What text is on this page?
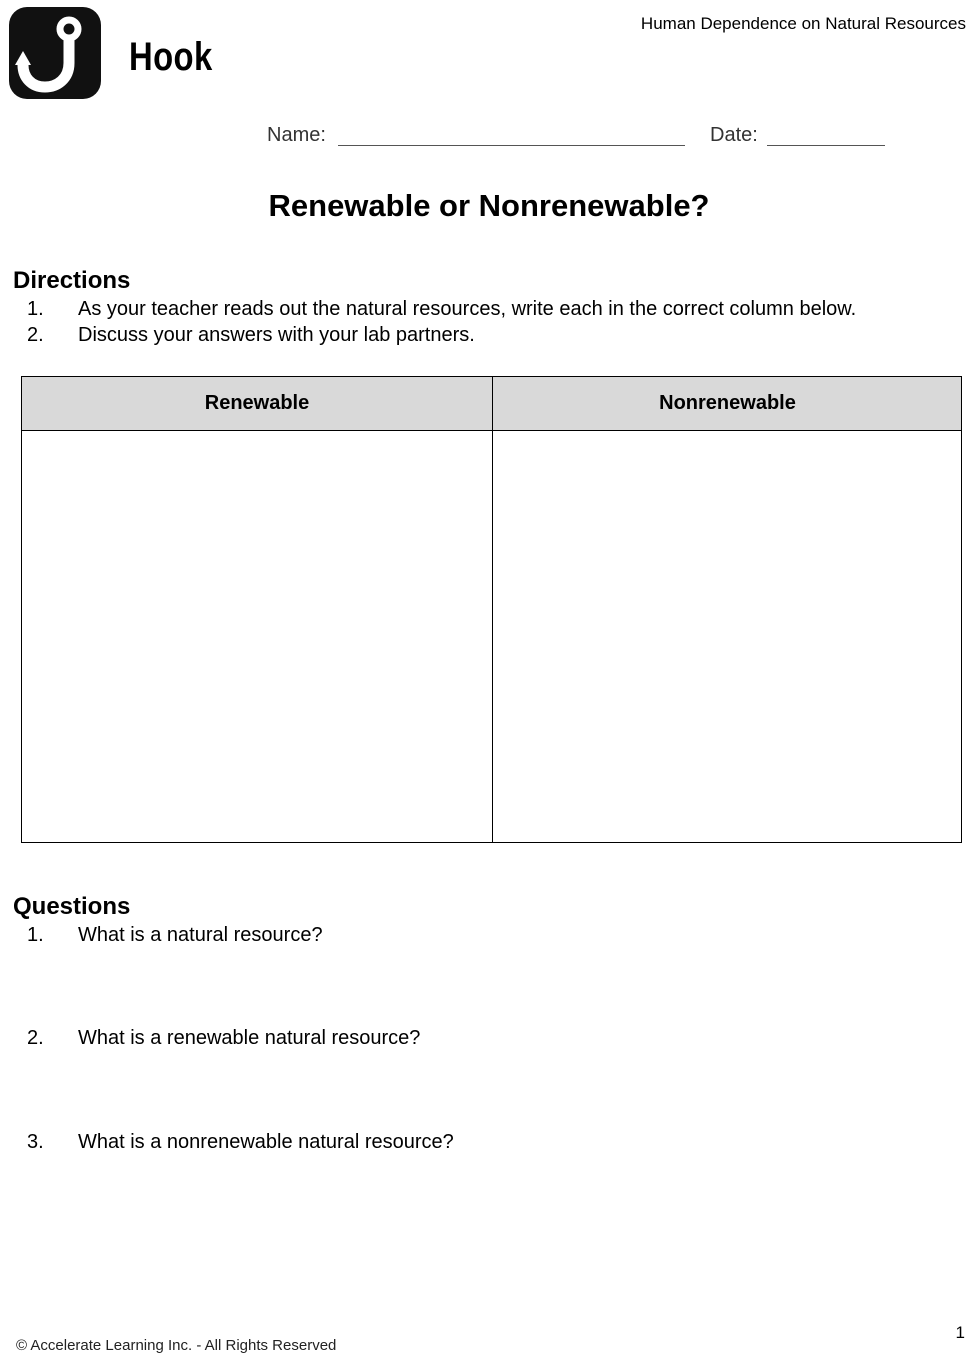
Hook
Human Dependence on Natural Resources
Name:	Date:
Renewable or Nonrenewable?
Directions
1. As your teacher reads out the natural resources, write each in the correct column below.
2. Discuss your answers with your lab partners.
Renewable	Nonrenewable
Questions
1. What is a natural resource?
2. What is a renewable natural resource?
3. What is a nonrenewable natural resource?
© Accelerate Learning Inc. - All Rights Reserved
1
